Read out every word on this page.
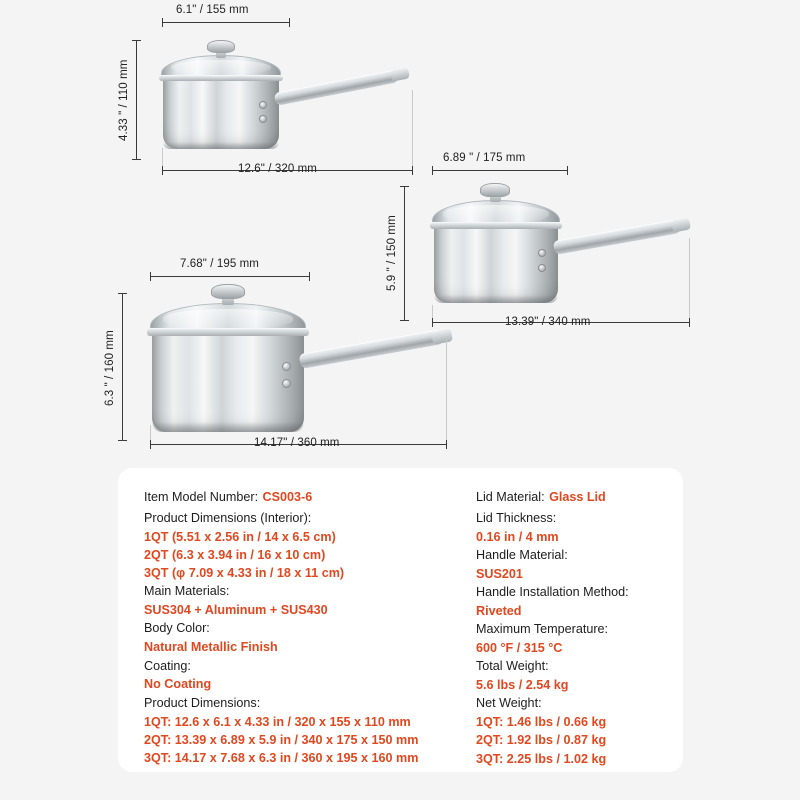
6.1" / 155 mm
4.33 " / 110 mm
12.6" / 320 mm
6.89 " / 175 mm
5.9 " / 150 mm
13.39" / 340 mm
7.68" / 195 mm
6.3 " / 160 mm
14.17" / 360 mm
Item Model Number: CS003-6
Product Dimensions (Interior):
1QT (5.51 x 2.56 in / 14 x 6.5 cm)
2QT (6.3 x 3.94 in / 16 x 10 cm)
3QT (φ 7.09 x 4.33 in / 18 x 11 cm)
Main Materials:
SUS304 + Aluminum + SUS430
Body Color:
Natural Metallic Finish
Coating:
No Coating
Product Dimensions:
1QT: 12.6 x 6.1 x 4.33 in / 320 x 155 x 110 mm
2QT: 13.39 x 6.89 x 5.9 in / 340 x 175 x 150 mm
3QT: 14.17 x 7.68 x 6.3 in / 360 x 195 x 160 mm
Lid Material: Glass Lid
Lid Thickness:
0.16 in / 4 mm
Handle Material:
SUS201
Handle Installation Method:
Riveted
Maximum Temperature:
600 °F / 315 °C
Total Weight:
5.6 lbs / 2.54 kg
Net Weight:
1QT: 1.46 lbs / 0.66 kg
2QT: 1.92 lbs / 0.87 kg
3QT: 2.25 lbs / 1.02 kg
